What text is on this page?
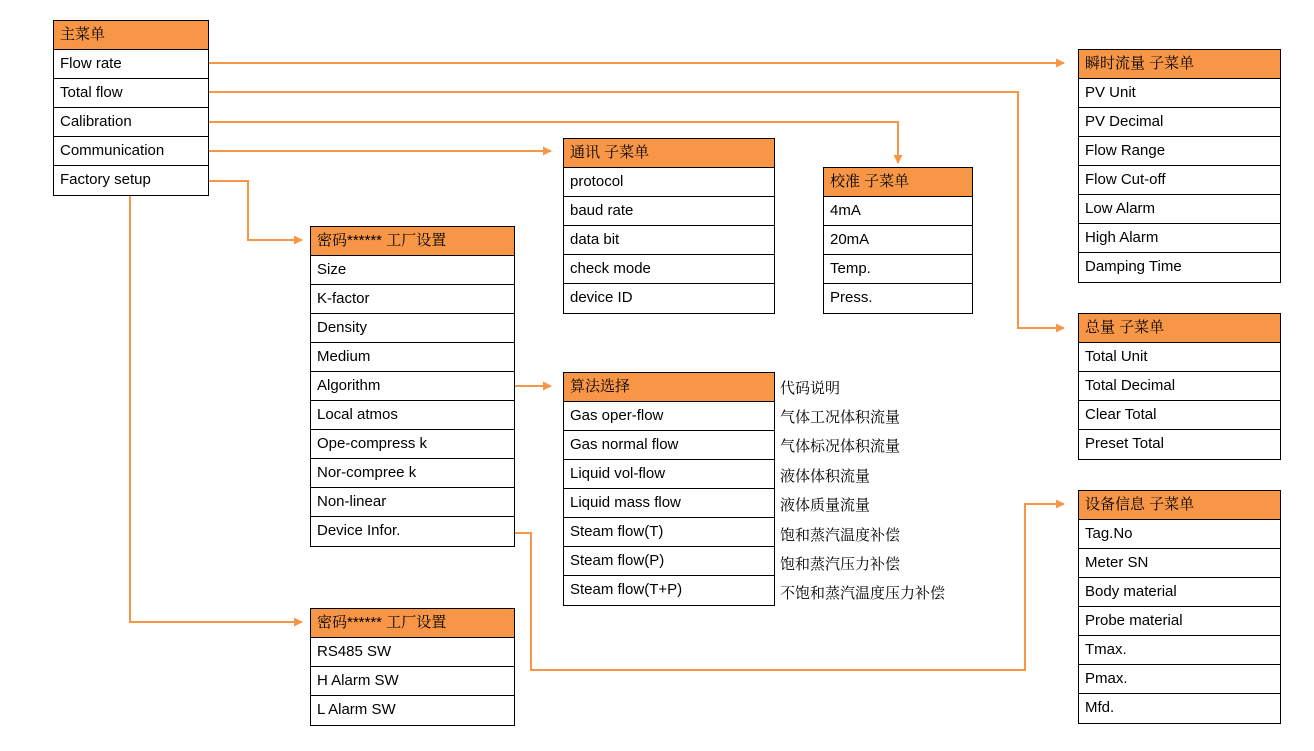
主菜单
Flow rate
Total flow
Calibration
Communication
Factory setup
瞬时流量 子菜单
PV Unit
PV Decimal
Flow Range
Flow Cut-off
Low Alarm
High Alarm
Damping Time
总量 子菜单
Total Unit
Total Decimal
Clear Total
Preset Total
通讯 子菜单
protocol
baud rate
data bit
check mode
device ID
校准 子菜单
4mA
20mA
Temp.
Press.
密码****** 工厂设置
Size
K-factor
Density
Medium
Algorithm
Local atmos
Ope-compress k
Nor-compree k
Non-linear
Device Infor.
算法选择
Gas oper-flow
Gas normal flow
Liquid vol-flow
Liquid mass flow
Steam flow(T)
Steam flow(P)
Steam flow(T+P)
代码说明
气体工况体积流量
气体标况体积流量
液体体积流量
液体质量流量
饱和蒸汽温度补偿
饱和蒸汽压力补偿
不饱和蒸汽温度压力补偿
设备信息 子菜单
Tag.No
Meter SN
Body material
Probe material
Tmax.
Pmax.
Mfd.
密码****** 工厂设置
RS485 SW
H Alarm SW
L Alarm SW
